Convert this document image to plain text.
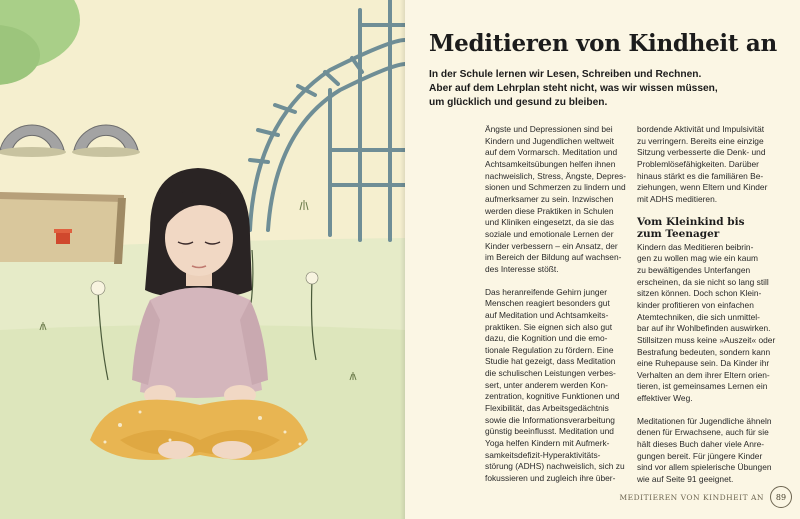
Meditieren von Kindheit an
In der Schule lernen wir Lesen, Schreiben und Rechnen.
Aber auf dem Lehrplan steht nicht, was wir wissen müssen,
um glücklich und gesund zu bleiben.

Ängste und Depressionen sind bei
Kindern und Jugendlichen weltweit
auf dem Vormarsch. Meditation und
Achtsamkeitsübungen helfen ihnen
nachweislich, Stress, Ängste, Depres-
sionen und Schmerzen zu lindern und
aufmerksamer zu sein. Inzwischen
werden diese Praktiken in Schulen
und Kliniken eingesetzt, da sie das
soziale und emotionale Lernen der
Kinder verbessern – ein Ansatz, der
im Bereich der Bildung auf wachsen-
des Interesse stößt.

Das heranreifende Gehirn junger
Menschen reagiert besonders gut
auf Meditation und Achtsamkeits-
praktiken. Sie eignen sich also gut
dazu, die Kognition und die emo-
tionale Regulation zu fördern. Eine
Studie hat gezeigt, dass Meditation
die schulischen Leistungen verbes-
sert, unter anderem werden Kon-
zentration, kognitive Funktionen und
Flexibilität, das Arbeitsgedächtnis
sowie die Informationsverarbeitung
günstig beeinflusst. Meditation und
Yoga helfen Kindern mit Aufmerk-
samkeitsdefizit-Hyperaktivitäts-
störung (ADHS) nachweislich, sich zu
fokussieren und zugleich ihre über-

bordende Aktivität und Impulsivität
zu verringern. Bereits eine einzige
Sitzung verbesserte die Denk- und
Problemlösefähigkeiten. Darüber
hinaus stärkt es die familiären Be-
ziehungen, wenn Eltern und Kinder
mit ADHS meditieren.

Vom Kleinkind bis
zum Teenager

Kindern das Meditieren beibrin-
gen zu wollen mag wie ein kaum
zu bewältigendes Unterfangen
erscheinen, da sie nicht so lang still
sitzen können. Doch schon Klein-
kinder profitieren von einfachen
Atemtechniken, die sich unmittel-
bar auf ihr Wohlbefinden auswirken.
Stillsitzen muss keine »Auszeit« oder
Bestrafung bedeuten, sondern kann
eine Ruhepause sein. Da Kinder ihr
Verhalten an dem ihrer Eltern orien-
tieren, ist gemeinsames Lernen ein
effektiver Weg.

Meditationen für Jugendliche ähneln
denen für Erwachsene, auch für sie
hält dieses Buch daher viele Anre-
gungen bereit. Für jüngere Kinder
sind vor allem spielerische Übungen
wie auf Seite 91 geeignet.

MEDITIEREN VON KINDHEIT AN	89
